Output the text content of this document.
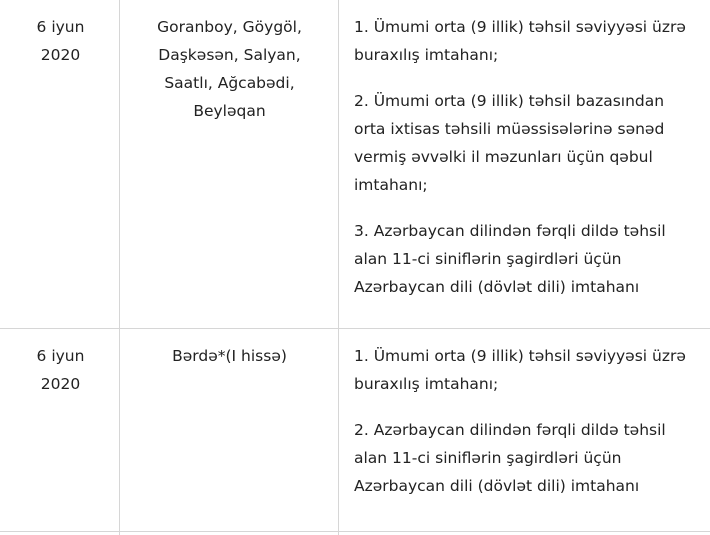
6 iyun
2020
Goranboy, Göygöl,
Daşkəsən, Salyan,
Saatlı, Ağcabədi,
Beyləqan

1. Ümumi orta (9 illik) təhsil səviyyəsi üzrə buraxılış imtahanı;

2. Ümumi orta (9 illik) təhsil bazasından orta ixtisas təhsili müəssisələrinə sənəd vermiş əvvəlki il məzunları üçün qəbul imtahanı;

3. Azərbaycan dilindən fərqli dildə təhsil alan 11-ci siniflərin şagirdləri üçün Azərbaycan dili (dövlət dili) imtahanı

6 iyun
2020
Bərdə*(I hissə)	1. Ümumi orta (9 illik) təhsil səviyyəsi üzrə buraxılış imtahanı;

2. Azərbaycan dilindən fərqli dildə təhsil alan 11-ci siniflərin şagirdləri üçün Azərbaycan dili (dövlət dili) imtahanı
